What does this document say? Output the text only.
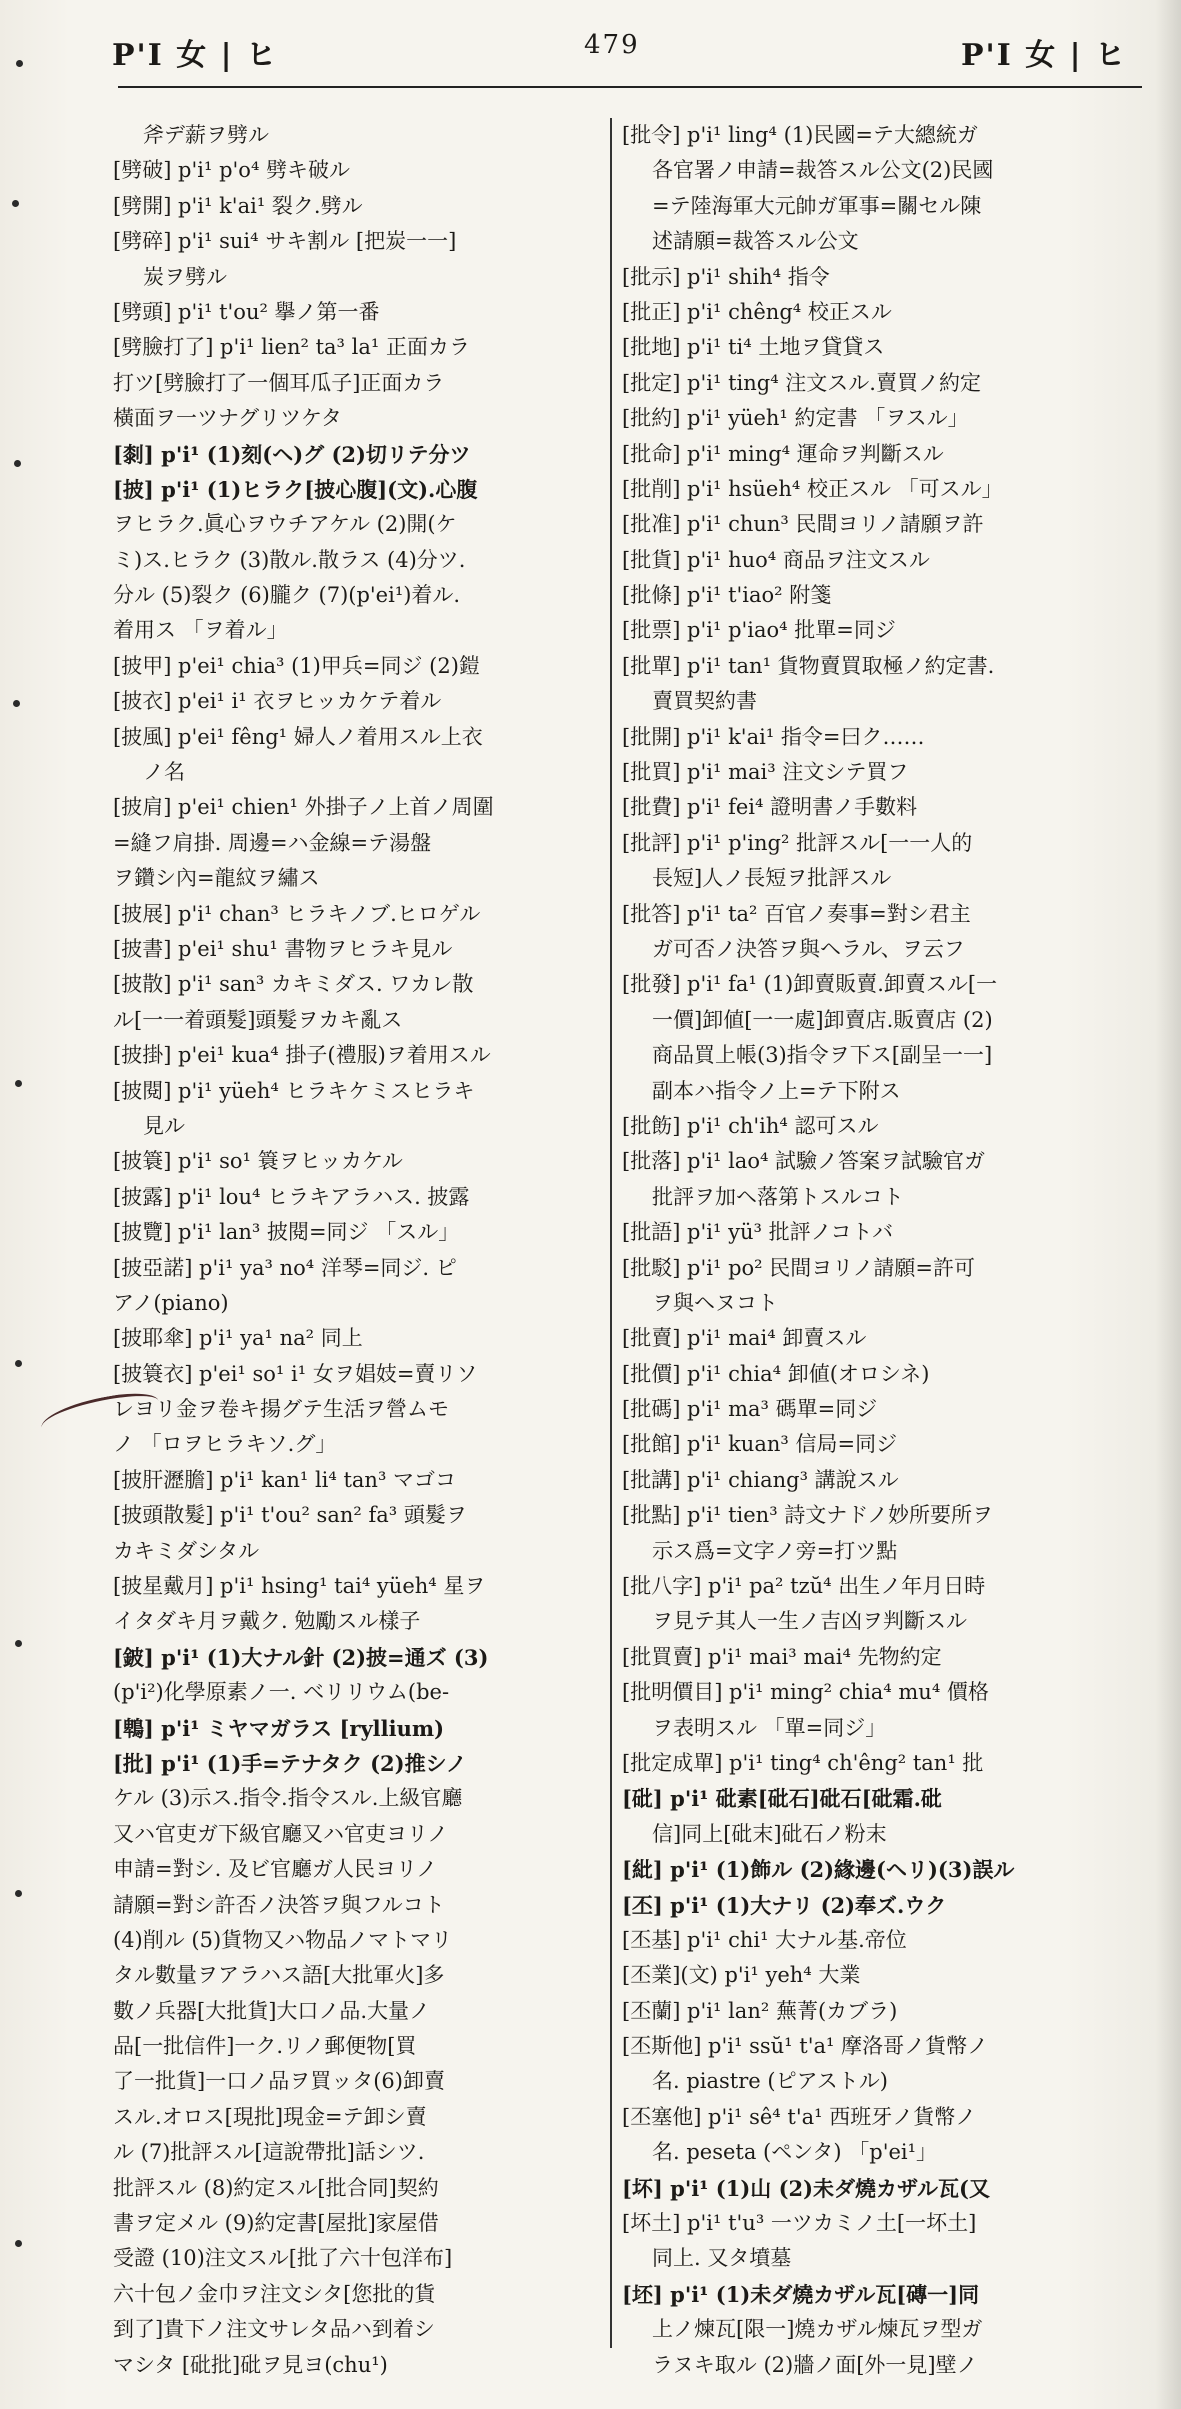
P'I 女 | ヒ	479	P'I 女 | ヒ
斧デ薪ヲ劈ル
[劈破] p'i¹ p'o⁴ 劈キ破ル
[劈開] p'i¹ k'ai¹ 裂ク.劈ル
[劈碎] p'i¹ sui⁴ サキ割ル [把炭一一]
炭ヲ劈ル
[劈頭] p'i¹ t'ou² 擧ノ第一番
[劈臉打了] p'i¹ lien² ta³ la¹ 正面カラ
打ツ[劈臉打了一個耳瓜子]正面カラ
橫面ヲ一ツナグリツケタ
[㓼] p'i¹ (1)刻(ヘ)グ (2)切リテ分ツ
[披] p'i¹ (1)ヒラク[披心腹](文).心腹
ヲヒラク.眞心ヲウチアケル (2)開(ケ
ミ)ス.ヒラク (3)散ル.散ラス (4)分ツ.
分ル (5)裂ク (6)朧ク (7)(p'ei¹)着ル.
着用ス 「ヲ着ル」
[披甲] p'ei¹ chia³ (1)甲兵=同ジ (2)鎧
[披衣] p'ei¹ i¹ 衣ヲヒッカケテ着ル
[披風] p'ei¹ fêng¹ 婦人ノ着用スル上衣
ノ名
[披肩] p'ei¹ chien¹ 外掛子ノ上首ノ周圍
=縫フ肩掛. 周邊=ハ金線=テ湯盤
ヲ鑽シ內=龍紋ヲ繡ス
[披展] p'i¹ chan³ ヒラキノブ.ヒロゲル
[披書] p'ei¹ shu¹ 書物ヲヒラキ見ル
[披散] p'i¹ san³ カキミダス. ワカレ散
ル[一一着頭髮]頭髮ヲカキ亂ス
[披掛] p'ei¹ kua⁴ 掛子(禮服)ヲ着用スル
[披閱] p'i¹ yüeh⁴ ヒラキケミスヒラキ
見ル
[披簑] p'i¹ so¹ 簑ヲヒッカケル
[披露] p'i¹ lou⁴ ヒラキアラハス. 披露
[披覽] p'i¹ lan³ 披閱=同ジ 「スル」
[披亞諾] p'i¹ ya³ no⁴ 洋琴=同ジ. ピ
アノ(piano)
[披耶傘] p'i¹ ya¹ na² 同上
[披簑衣] p'ei¹ so¹ i¹ 女ヲ娼妓=賣リソ
レヨリ金ヲ卷キ揚グテ生活ヲ營ムモ
ノ 「ロヲヒラキソ.グ」
[披肝瀝膽] p'i¹ kan¹ li⁴ tan³ マゴコ
[披頭散髮] p'i¹ t'ou² san² fa³ 頭髮ヲ
カキミダシタル
[披星戴月] p'i¹ hsing¹ tai⁴ yüeh⁴ 星ヲ
イタダキ月ヲ戴ク. 勉勵スル樣子
[鈹] p'i¹ (1)大ナル針 (2)披=通ズ (3)
(p'i²)化學原素ノ一. ベリリウム(be-
[鵯] p'i¹ ミヤマガラス [ryllium)
[批] p'i¹ (1)手=テナタク (2)推シノ
ケル (3)示ス.指令.指令スル.上級官廳
又ハ官吏ガ下級官廳又ハ官吏ヨリノ
申請=對シ. 及ビ官廳ガ人民ヨリノ
請願=對シ許否ノ決答ヲ與フルコト
(4)削ル (5)貨物又ハ物品ノマトマリ
タル數量ヲアラハス語[大批軍火]多
數ノ兵器[大批貨]大口ノ品.大量ノ
品[一批信件]一ク.リノ郵便物[買
了一批貨]一口ノ品ヲ買ッタ(6)卸賣
スル.オロス[現批]現金=テ卸シ賣
ル (7)批評スル[這說帶批]話シツ.
批評スル (8)約定スル[批合同]契約
書ヲ定メル (9)約定書[屋批]家屋借
受證 (10)注文スル[批了六十包洋布]
六十包ノ金巾ヲ注文シタ[您批的貨
到了]貴下ノ注文サレタ品ハ到着シ
マシタ [砒批]砒ヲ見ヨ(chu¹)
[批令] p'i¹ ling⁴ (1)民國=テ大總統ガ
各官署ノ申請=裁答スル公文(2)民國
=テ陸海軍大元帥ガ軍事=關セル陳
述請願=裁答スル公文
[批示] p'i¹ shih⁴ 指令
[批正] p'i¹ chêng⁴ 校正スル
[批地] p'i¹ ti⁴ 土地ヲ貸貸ス
[批定] p'i¹ ting⁴ 注文スル.賣買ノ約定
[批約] p'i¹ yüeh¹ 約定書 「ヲスル」
[批命] p'i¹ ming⁴ 運命ヲ判斷スル
[批削] p'i¹ hsüeh⁴ 校正スル 「可スル」
[批准] p'i¹ chun³ 民間ヨリノ請願ヲ許
[批貨] p'i¹ huo⁴ 商品ヲ注文スル
[批條] p'i¹ t'iao² 附箋
[批票] p'i¹ p'iao⁴ 批單=同ジ
[批單] p'i¹ tan¹ 貨物賣買取極ノ約定書.
賣買契約書
[批開] p'i¹ k'ai¹ 指令=曰ク……
[批買] p'i¹ mai³ 注文シテ買フ
[批費] p'i¹ fei⁴ 證明書ノ手數料
[批評] p'i¹ p'ing² 批評スル[一一人的
長短]人ノ長短ヲ批評スル
[批答] p'i¹ ta² 百官ノ奏事=對シ君主
ガ可否ノ決答ヲ與ヘラル、ヲ云フ
[批發] p'i¹ fa¹ (1)卸賣販賣.卸賣スル[一
一價]卸値[一一處]卸賣店.販賣店 (2)
商品買上帳(3)指令ヲ下ス[副呈一一]
副本ハ指令ノ上=テ下附ス
[批飭] p'i¹ ch'ih⁴ 認可スル
[批落] p'i¹ lao⁴ 試驗ノ答案ヲ試驗官ガ
批評ヲ加ヘ落第トスルコト
[批語] p'i¹ yü³ 批評ノコトバ
[批駁] p'i¹ po² 民間ヨリノ請願=許可
ヲ與ヘヌコト
[批賣] p'i¹ mai⁴ 卸賣スル
[批價] p'i¹ chia⁴ 卸値(オロシネ)
[批碼] p'i¹ ma³ 碼單=同ジ
[批館] p'i¹ kuan³ 信局=同ジ
[批講] p'i¹ chiang³ 講說スル
[批點] p'i¹ tien³ 詩文ナドノ妙所要所ヲ
示ス爲=文字ノ旁=打ツ點
[批八字] p'i¹ pa² tzŭ⁴ 出生ノ年月日時
ヲ見テ其人一生ノ吉凶ヲ判斷スル
[批買賣] p'i¹ mai³ mai⁴ 先物約定
[批明價目] p'i¹ ming² chia⁴ mu⁴ 價格
ヲ表明スル 「單=同ジ」
[批定成單] p'i¹ ting⁴ ch'êng² tan¹ 批
[砒] p'i¹ 砒素[砒石]砒石[砒霜.砒
信]同上[砒末]砒石ノ粉末
[紕] p'i¹ (1)飾ル (2)緣邊(ヘリ)(3)誤ル
[丕] p'i¹ (1)大ナリ (2)奉ズ.ウク
[丕基] p'i¹ chi¹ 大ナル基.帝位
[丕業](文) p'i¹ yeh⁴ 大業
[丕蘭] p'i¹ lan² 蕪菁(カブラ)
[丕斯他] p'i¹ ssŭ¹ t'a¹ 摩洛哥ノ貨幣ノ
名. piastre (ピアストル)
[丕塞他] p'i¹ sê⁴ t'a¹ 西班牙ノ貨幣ノ
名. peseta (ペンタ) 「p'ei¹」
[坏] p'i¹ (1)山 (2)未ダ燒カザル瓦(又
[坏土] p'i¹ t'u³ 一ツカミノ土[一坏土]
同上. 又タ墳墓
[坯] p'i¹ (1)未ダ燒カザル瓦[磚一]同
上ノ煉瓦[限一]燒カザル煉瓦ヲ型ガ
ラヌキ取ル (2)牆ノ面[外一見]壁ノ
